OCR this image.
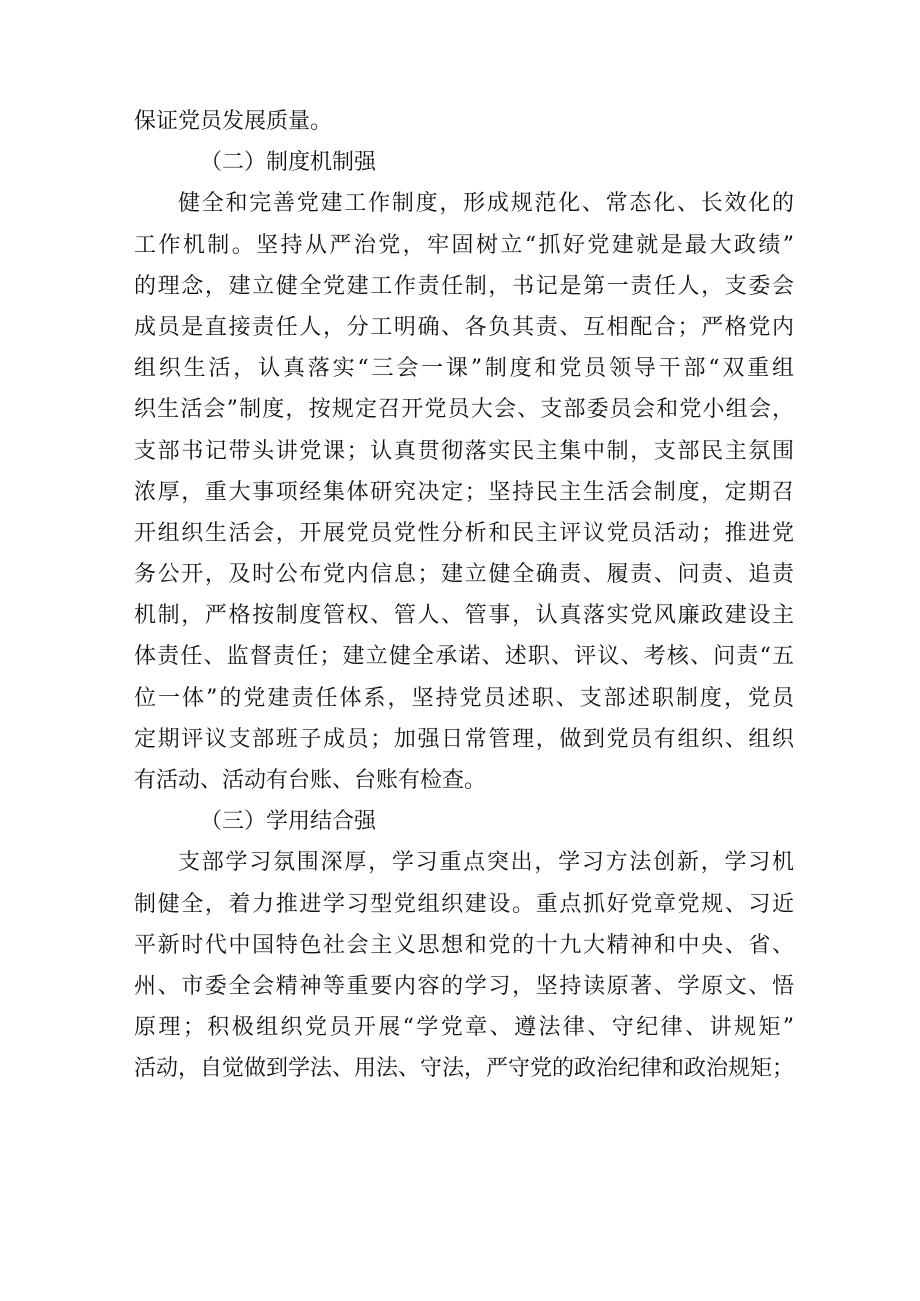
保证党员发展质量。
（二）制度机制强
健全和完善党建工作制度，形成规范化、常态化、长效化的
工作机制。坚持从严治党，牢固树立“抓好党建就是最大政绩”
的理念，建立健全党建工作责任制，书记是第一责任人，支委会
成员是直接责任人，分工明确、各负其责、互相配合；严格党内
组织生活，认真落实“三会一课”制度和党员领导干部“双重组
织生活会”制度，按规定召开党员大会、支部委员会和党小组会，
支部书记带头讲党课；认真贯彻落实民主集中制，支部民主氛围
浓厚，重大事项经集体研究决定；坚持民主生活会制度，定期召
开组织生活会，开展党员党性分析和民主评议党员活动；推进党
务公开，及时公布党内信息；建立健全确责、履责、问责、追责
机制，严格按制度管权、管人、管事，认真落实党风廉政建设主
体责任、监督责任；建立健全承诺、述职、评议、考核、问责“五
位一体”的党建责任体系，坚持党员述职、支部述职制度，党员
定期评议支部班子成员；加强日常管理，做到党员有组织、组织
有活动、活动有台账、台账有检查。
（三）学用结合强
支部学习氛围深厚，学习重点突出，学习方法创新，学习机
制健全，着力推进学习型党组织建设。重点抓好党章党规、习近
平新时代中国特色社会主义思想和党的十九大精神和中央、省、
州、市委全会精神等重要内容的学习，坚持读原著、学原文、悟
原理；积极组织党员开展“学党章、遵法律、守纪律、讲规矩”
活动，自觉做到学法、用法、守法，严守党的政治纪律和政治规矩；
